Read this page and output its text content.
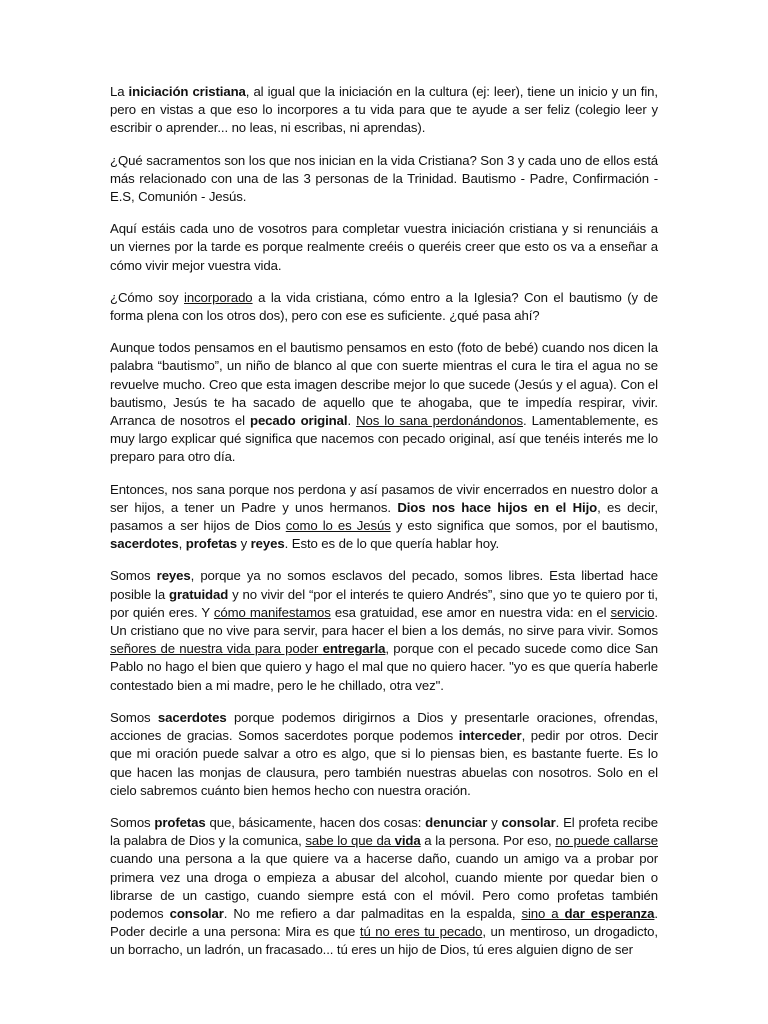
La iniciación cristiana, al igual que la iniciación en la cultura (ej: leer), tiene un inicio y un fin, pero en vistas a que eso lo incorpores a tu vida para que te ayude a ser feliz (colegio leer y escribir o aprender... no leas, ni escribas, ni aprendas).

¿Qué sacramentos son los que nos inician en la vida Cristiana? Son 3 y cada uno de ellos está más relacionado con una de las 3 personas de la Trinidad. Bautismo - Padre, Confirmación - E.S, Comunión - Jesús.

Aquí estáis cada uno de vosotros para completar vuestra iniciación cristiana y si renunciáis a un viernes por la tarde es porque realmente creéis o queréis creer que esto os va a enseñar a cómo vivir mejor vuestra vida.

¿Cómo soy incorporado a la vida cristiana, cómo entro a la Iglesia? Con el bautismo (y de forma plena con los otros dos), pero con ese es suficiente. ¿qué pasa ahí?

Aunque todos pensamos en el bautismo pensamos en esto (foto de bebé) cuando nos dicen la palabra “bautismo”, un niño de blanco al que con suerte mientras el cura le tira el agua no se revuelve mucho. Creo que esta imagen describe mejor lo que sucede (Jesús y el agua). Con el bautismo, Jesús te ha sacado de aquello que te ahogaba, que te impedía respirar, vivir. Arranca de nosotros el pecado original. Nos lo sana perdonándonos. Lamentablemente, es muy largo explicar qué significa que nacemos con pecado original, así que tenéis interés me lo preparo para otro día.

Entonces, nos sana porque nos perdona y así pasamos de vivir encerrados en nuestro dolor a ser hijos, a tener un Padre y unos hermanos. Dios nos hace hijos en el Hijo, es decir, pasamos a ser hijos de Dios como lo es Jesús y esto significa que somos, por el bautismo, sacerdotes, profetas y reyes. Esto es de lo que quería hablar hoy.

Somos reyes, porque ya no somos esclavos del pecado, somos libres. Esta libertad hace posible la gratuidad y no vivir del “por el interés te quiero Andrés”, sino que yo te quiero por ti, por quién eres. Y cómo manifestamos esa gratuidad, ese amor en nuestra vida: en el servicio. Un cristiano que no vive para servir, para hacer el bien a los demás, no sirve para vivir. Somos señores de nuestra vida para poder entregarla, porque con el pecado sucede como dice San Pablo no hago el bien que quiero y hago el mal que no quiero hacer. "yo es que quería haberle contestado bien a mi madre, pero le he chillado, otra vez".

Somos sacerdotes porque podemos dirigirnos a Dios y presentarle oraciones, ofrendas, acciones de gracias. Somos sacerdotes porque podemos interceder, pedir por otros. Decir que mi oración puede salvar a otro es algo, que si lo piensas bien, es bastante fuerte. Es lo que hacen las monjas de clausura, pero también nuestras abuelas con nosotros. Solo en el cielo sabremos cuánto bien hemos hecho con nuestra oración.

Somos profetas que, básicamente, hacen dos cosas: denunciar y consolar. El profeta recibe la palabra de Dios y la comunica, sabe lo que da vida a la persona. Por eso, no puede callarse cuando una persona a la que quiere va a hacerse daño, cuando un amigo va a probar por primera vez una droga o empieza a abusar del alcohol, cuando miente por quedar bien o librarse de un castigo, cuando siempre está con el móvil. Pero como profetas también podemos consolar. No me refiero a dar palmaditas en la espalda, sino a dar esperanza. Poder decirle a una persona: Mira es que tú no eres tu pecado, un mentiroso, un drogadicto, un borracho, un ladrón, un fracasado... tú eres un hijo de Dios, tú eres alguien digno de ser
